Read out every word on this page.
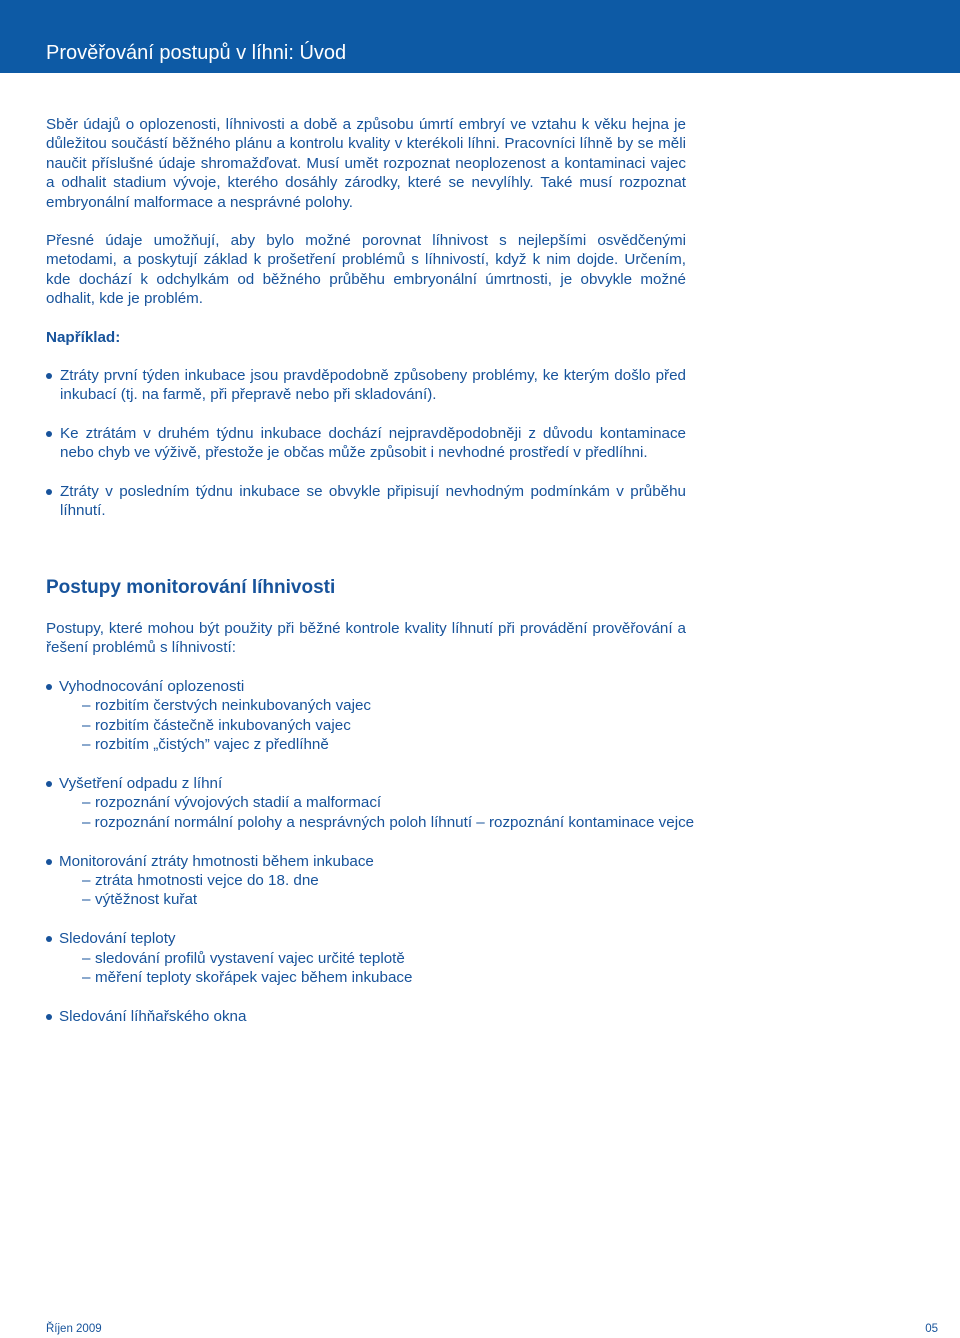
Prověřování postupů v líhni: Úvod

Sběr údajů o oplozenosti, líhnivosti a době a způsobu úmrtí embryí ve vztahu k věku hejna je důležitou součástí běžného plánu a kontrolu kvality v kterékoli líhni. Pracovníci líhně by se měli naučit příslušné údaje shromažďovat. Musí umět rozpoznat neoplozenost a kontaminaci vajec a odhalit stadium vývoje, kterého dosáhly zárodky, které se nevylíhly. Také musí rozpoznat embryonální malformace a nesprávné polohy.

Přesné údaje umožňují, aby bylo možné porovnat líhnivost s nejlepšími osvědčenými metodami, a poskytují základ k prošetření problémů s líhnivostí, když k nim dojde. Určením, kde dochází k odchylkám od běžného průběhu embryonální úmrtnosti, je obvykle možné odhalit, kde je problém.

Například:

Ztráty první týden inkubace jsou pravděpodobně způsobeny problémy, ke kterým došlo před inkubací (tj. na farmě, při přepravě nebo při skladování).
Ke ztrátám v druhém týdnu inkubace dochází nejpravděpodobněji z důvodu kontaminace nebo chyb ve výživě, přestože je občas může způsobit i nevhodné prostředí v předlíhni.
Ztráty v posledním týdnu inkubace se obvykle připisují nevhodným podmínkám v průběhu líhnutí.
Postupy monitorování líhnivosti

Postupy, které mohou být použity při běžné kontrole kvality líhnutí při provádění prověřování a řešení problémů s líhnivostí:

Vyhodnocování oplozenosti
– rozbitím čerstvých neinkubovaných vajec
– rozbitím částečně inkubovaných vajec
– rozbitím „čistých” vajec z předlíhně
Vyšetření odpadu z líhní
– rozpoznání vývojových stadií a malformací
– rozpoznání normální polohy a nesprávných poloh líhnutí – rozpoznání kontaminace vejce
Monitorování ztráty hmotnosti během inkubace
– ztráta hmotnosti vejce do 18. dne
– výtěžnost kuřat
Sledování teploty
– sledování profilů vystavení vajec určité teplotě
– měření teploty skořápek vajec během inkubace
Sledování líhňařského okna
Říjen 2009	05
